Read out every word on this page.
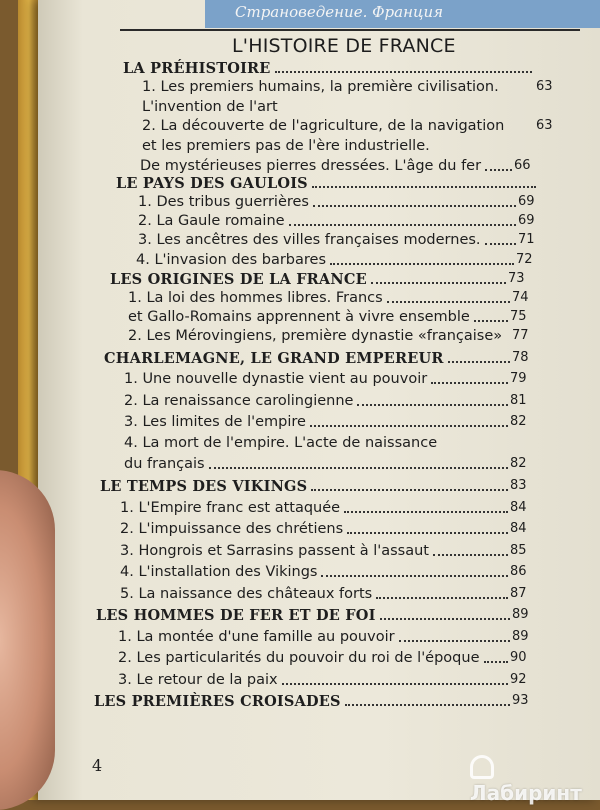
Страноведение. Франция
L'HISTOIRE DE FRANCE
LA PRÉHISTOIRE
1. Les premiers humains, la première civilisation.	63
L'invention de l'art
2. La découverte de l'agriculture, de la navigation 63
et les premiers pas de l'ère industrielle.
De mystérieuses pierres dressées. L'âge du fer	66
LE PAYS DES GAULOIS
1. Des tribus guerrières	69
2. La Gaule romaine	69
3. Les ancêtres des villes françaises modernes.	71
4. L'invasion des barbares	72
LES ORIGINES DE LA FRANCE	73
1. La loi des hommes libres. Francs	74
et Gallo-Romains apprennent à vivre ensemble	75
2. Les Mérovingiens, première dynastie «française» 77
CHARLEMAGNE, LE GRAND EMPEREUR	78
1. Une nouvelle dynastie vient au pouvoir	79
2. La renaissance carolingienne	81
3. Les limites de l'empire	82
4. La mort de l'empire. L'acte de naissance
du français	82
LE TEMPS DES VIKINGS	83
1. L'Empire franc est attaquée	84
2. L'impuissance des chrétiens	84
3. Hongrois et Sarrasins passent à l'assaut	85
4. L'installation des Vikings	86
5. La naissance des châteaux forts	87
LES HOMMES DE FER ET DE FOI	89
1. La montée d'une famille au pouvoir	89
2. Les particularités du pouvoir du roi de l'époque 90
3. Le retour de la paix	92
LES PREMIÈRES CROISADES	93
4
Лабиринт
